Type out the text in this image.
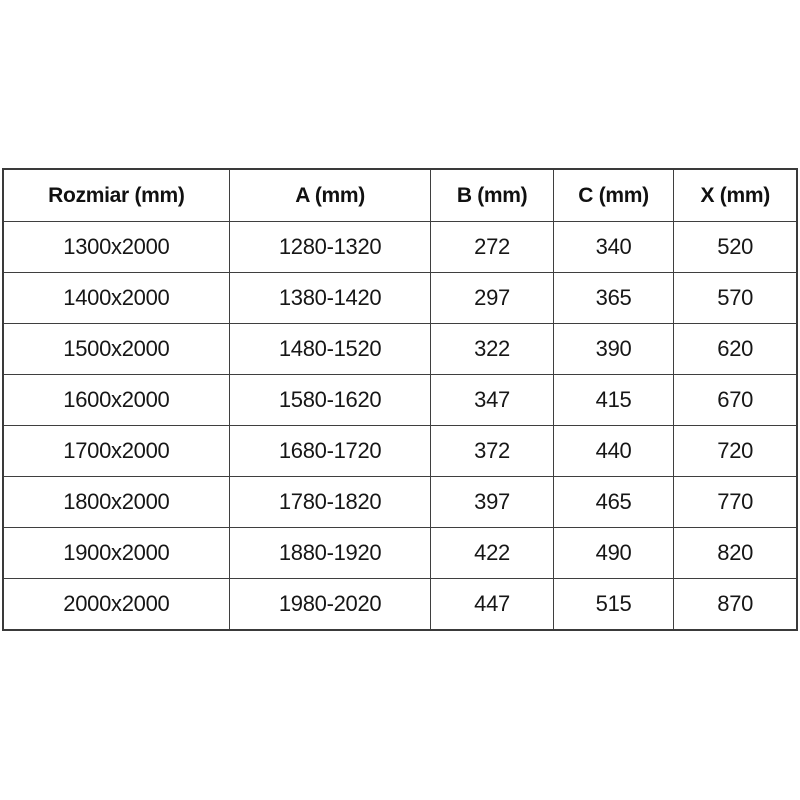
Rozmiar (mm)	A (mm)	B (mm)	C (mm)	X (mm)
1300x2000	1280-1320	272	340	520
1400x2000	1380-1420	297	365	570
1500x2000	1480-1520	322	390	620
1600x2000	1580-1620	347	415	670
1700x2000	1680-1720	372	440	720
1800x2000	1780-1820	397	465	770
1900x2000	1880-1920	422	490	820
2000x2000	1980-2020	447	515	870
